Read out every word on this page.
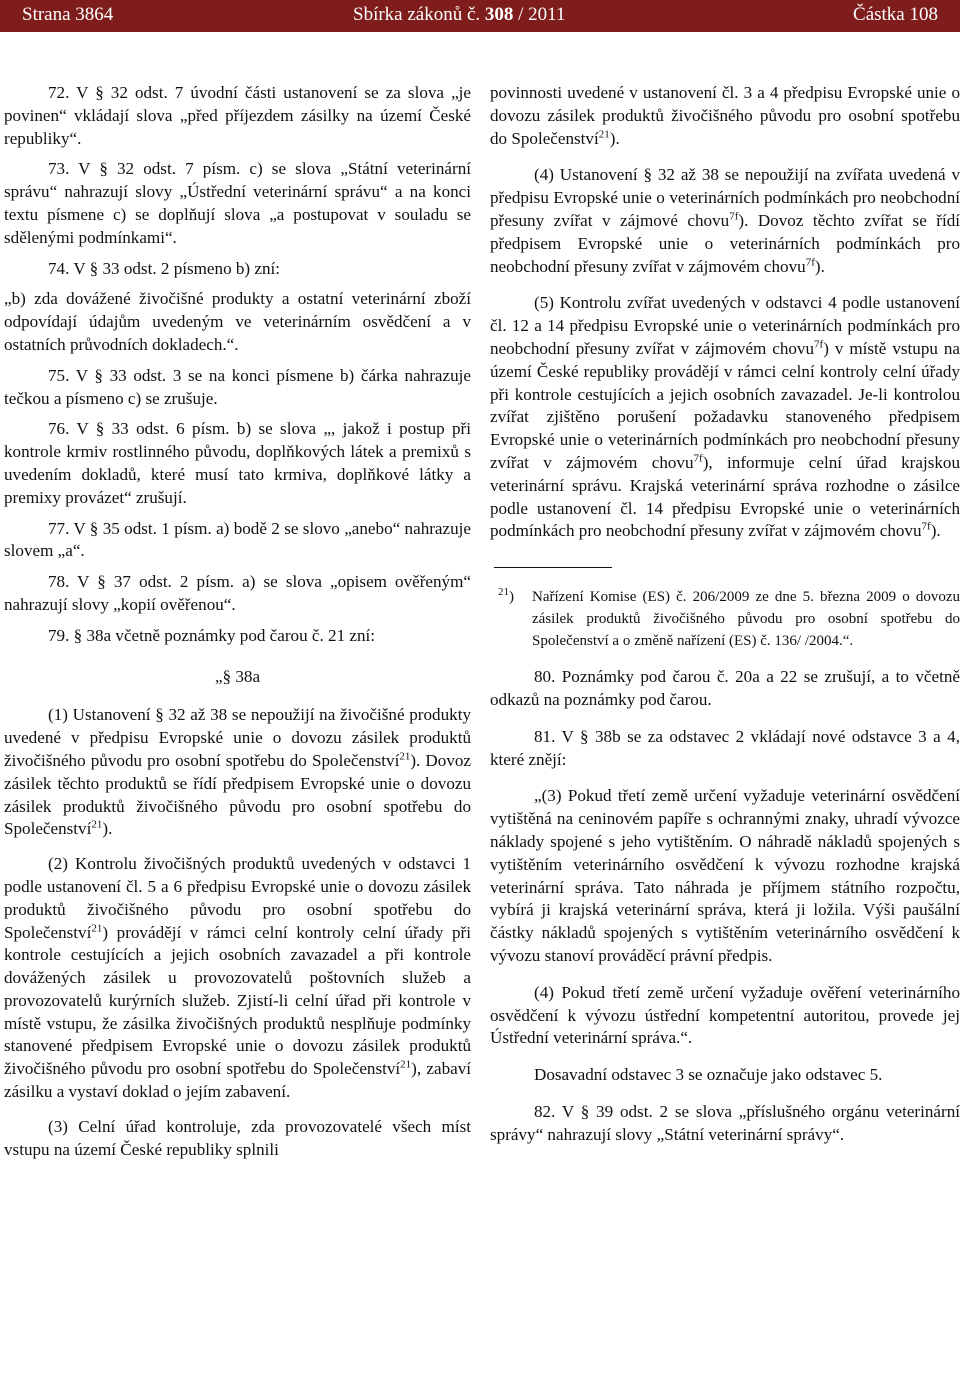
Strana 3864	Sbírka zákonů č. 308 / 2011	Částka 108

72. V § 32 odst. 7 úvodní části ustanovení se za slova „je povinen“ vkládají slova „před příjezdem zásilky na území České republiky“.

73. V § 32 odst. 7 písm. c) se slova „Státní veterinární správu“ nahrazují slovy „Ústřední veterinární správu“ a na konci textu písmene c) se doplňují slova „a postupovat v souladu se sdělenými podmínkami“.

74. V § 33 odst. 2 písmeno b) zní:

„b) zda dovážené živočišné produkty a ostatní veterinární zboží odpovídají údajům uvedeným ve veterinárním osvědčení a v ostatních průvodních dokladech.“.

75. V § 33 odst. 3 se na konci písmene b) čárka nahrazuje tečkou a písmeno c) se zrušuje.

76. V § 33 odst. 6 písm. b) se slova „, jakož i postup při kontrole krmiv rostlinného původu, doplňkových látek a premixů s uvedením dokladů, které musí tato krmiva, doplňkové látky a premixy provázet“ zrušují.

77. V § 35 odst. 1 písm. a) bodě 2 se slovo „anebo“ nahrazuje slovem „a“.

78. V § 37 odst. 2 písm. a) se slova „opisem ověřeným“ nahrazují slovy „kopií ověřenou“.

79. § 38a včetně poznámky pod čarou č. 21 zní:

„§ 38a

(1) Ustanovení § 32 až 38 se nepoužijí na živočišné produkty uvedené v předpisu Evropské unie o dovozu zásilek produktů živočišného původu pro osobní spotřebu do Společenství$^{21}$). Dovoz zásilek těchto produktů se řídí předpisem Evropské unie o dovozu zásilek produktů živočišného původu pro osobní spotřebu do Společenství$^{21}$).

(2) Kontrolu živočišných produktů uvedených v odstavci 1 podle ustanovení čl. 5 a 6 předpisu Evropské unie o dovozu zásilek produktů živočišného původu pro osobní spotřebu do Společenství$^{21}$) provádějí v rámci celní kontroly celní úřady při kontrole cestujících a jejich osobních zavazadel a při kontrole dovážených zásilek u provozovatelů poštovních služeb a provozovatelů kurýrních služeb. Zjistí-li celní úřad při kontrole v místě vstupu, že zásilka živočišných produktů nesplňuje podmínky stanovené předpisem Evropské unie o dovozu zásilek produktů živočišného původu pro osobní spotřebu do Společenství$^{21}$), zabaví zásilku a vystaví doklad o jejím zabavení.

(3) Celní úřad kontroluje, zda provozovatelé všech míst vstupu na území České republiky splnili

povinnosti uvedené v ustanovení čl. 3 a 4 předpisu Evropské unie o dovozu zásilek produktů živočišného původu pro osobní spotřebu do Společenství$^{21}$).

(4) Ustanovení § 32 až 38 se nepoužijí na zvířata uvedená v předpisu Evropské unie o veterinárních podmínkách pro neobchodní přesuny zvířat v zájmové chovu$^{7f}$). Dovoz těchto zvířat se řídí předpisem Evropské unie o veterinárních podmínkách pro neobchodní přesuny zvířat v zájmovém chovu$^{7f}$).

(5) Kontrolu zvířat uvedených v odstavci 4 podle ustanovení čl. 12 a 14 předpisu Evropské unie o veterinárních podmínkách pro neobchodní přesuny zvířat v zájmovém chovu$^{7f}$) v místě vstupu na území České republiky provádějí v rámci celní kontroly celní úřady při kontrole cestujících a jejich osobních zavazadel. Je-li kontrolou zvířat zjištěno porušení požadavku stanoveného předpisem Evropské unie o veterinárních podmínkách pro neobchodní přesuny zvířat v zájmovém chovu$^{7f}$), informuje celní úřad krajskou veterinární správu. Krajská veterinární správa rozhodne o zásilce podle ustanovení čl. 14 předpisu Evropské unie o veterinárních podmínkách pro neobchodní přesuny zvířat v zájmovém chovu$^{7f}$).

$^{21}$) Nařízení Komise (ES) č. 206/2009 ze dne 5. března 2009 o dovozu zásilek produktů živočišného původu pro osobní spotřebu do Společenství a o změně nařízení (ES) č. 136/ /2004.“.

80. Poznámky pod čarou č. 20a a 22 se zrušují, a to včetně odkazů na poznámky pod čarou.

81. V § 38b se za odstavec 2 vkládají nové odstavce 3 a 4, které znějí:

„(3) Pokud třetí země určení vyžaduje veterinární osvědčení vytištěná na ceninovém papíře s ochrannými znaky, uhradí vývozce náklady spojené s jeho vytištěním. O náhradě nákladů spojených s vytištěním veterinárního osvědčení k vývozu rozhodne krajská veterinární správa. Tato náhrada je příjmem státního rozpočtu, vybírá ji krajská veterinární správa, která ji ložila. Výši paušální částky nákladů spojených s vytištěním veterinárního osvědčení k vývozu stanoví prováděcí právní předpis.

(4) Pokud třetí země určení vyžaduje ověření veterinárního osvědčení k vývozu ústřední kompetentní autoritou, provede jej Ústřední veterinární správa.“.

Dosavadní odstavec 3 se označuje jako odstavec 5.

82. V § 39 odst. 2 se slova „příslušného orgánu veterinární správy“ nahrazují slovy „Státní veterinární správy“.
